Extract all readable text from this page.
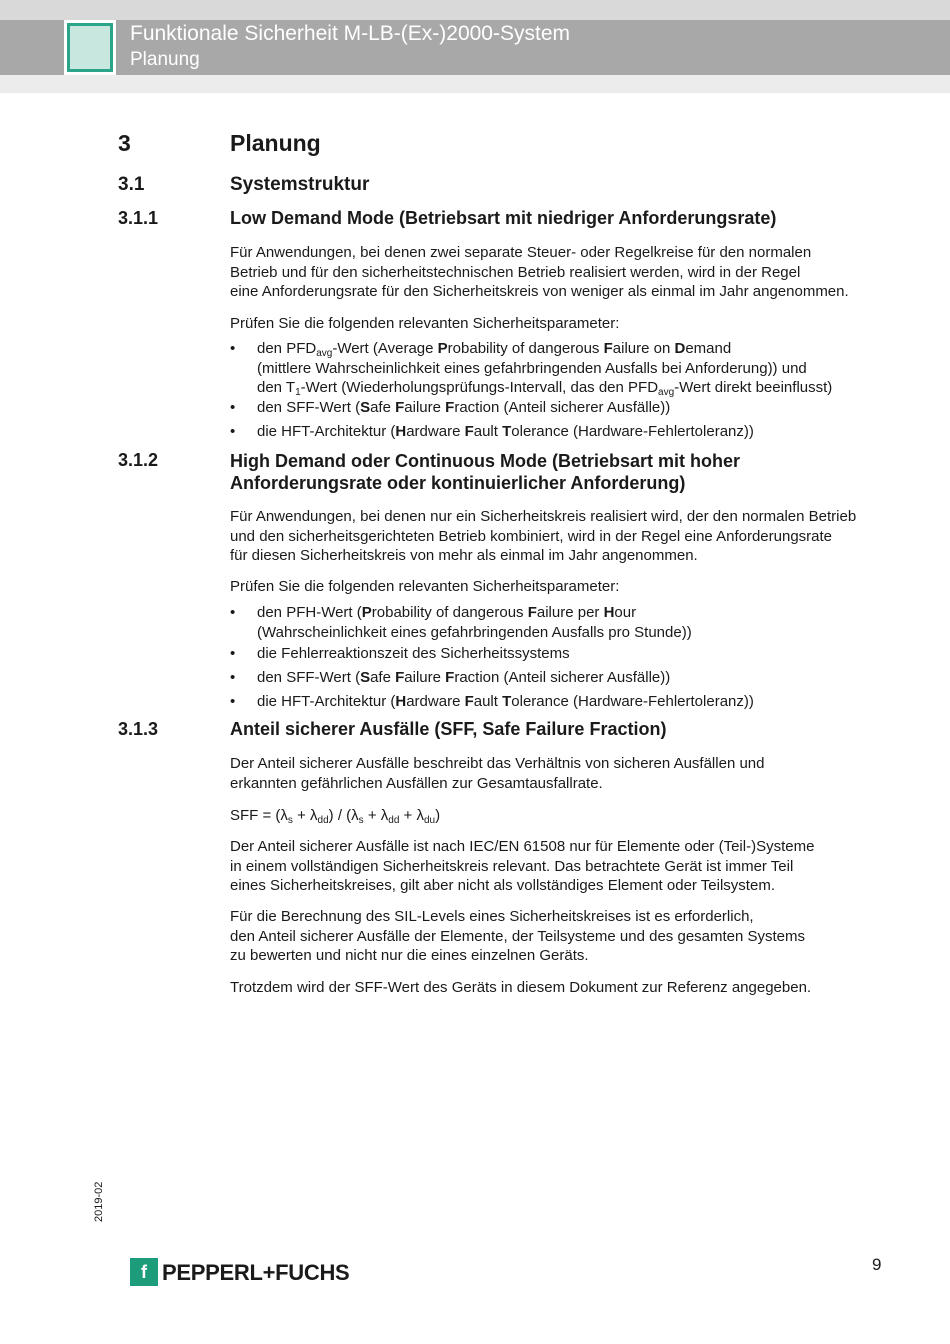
Funktionale Sicherheit M-LB-(Ex-)2000-System
Planung
3	Planung
3.1	Systemstruktur
3.1.1	Low Demand Mode (Betriebsart mit niedriger Anforderungsrate)
Für Anwendungen, bei denen zwei separate Steuer- oder Regelkreise für den normalen
Betrieb und für den sicherheitstechnischen Betrieb realisiert werden, wird in der Regel
eine Anforderungsrate für den Sicherheitskreis von weniger als einmal im Jahr angenommen.
Prüfen Sie die folgenden relevanten Sicherheitsparameter:
• den $PFD_{avg}$-Wert (Average Probability of dangerous Failure on Demand
(mittlere Wahrscheinlichkeit eines gefahrbringenden Ausfalls bei Anforderung)) und
den $T_1$-Wert (Wiederholungsprüfungs-Intervall, das den $PFD_{avg}$-Wert direkt beeinflusst)
• den SFF-Wert (Safe Failure Fraction (Anteil sicherer Ausfälle))
• die HFT-Architektur (Hardware Fault Tolerance (Hardware-Fehlertoleranz))
3.1.2	High Demand oder Continuous Mode (Betriebsart mit hoher
Anforderungsrate oder kontinuierlicher Anforderung)
Für Anwendungen, bei denen nur ein Sicherheitskreis realisiert wird, der den normalen Betrieb
und den sicherheitsgerichteten Betrieb kombiniert, wird in der Regel eine Anforderungsrate
für diesen Sicherheitskreis von mehr als einmal im Jahr angenommen.
Prüfen Sie die folgenden relevanten Sicherheitsparameter:
• den PFH-Wert (Probability of dangerous Failure per Hour
(Wahrscheinlichkeit eines gefahrbringenden Ausfalls pro Stunde))
• die Fehlerreaktionszeit des Sicherheitssystems
• den SFF-Wert (Safe Failure Fraction (Anteil sicherer Ausfälle))
• die HFT-Architektur (Hardware Fault Tolerance (Hardware-Fehlertoleranz))
3.1.3	Anteil sicherer Ausfälle (SFF, Safe Failure Fraction)
Der Anteil sicherer Ausfälle beschreibt das Verhältnis von sicheren Ausfällen und
erkannten gefährlichen Ausfällen zur Gesamtausfallrate.
SFF = $(\lambda_s + \lambda_{dd}) / (\lambda_s + \lambda_{dd} + \lambda_{du})$
Der Anteil sicherer Ausfälle ist nach IEC/EN 61508 nur für Elemente oder (Teil-)Systeme
in einem vollständigen Sicherheitskreis relevant. Das betrachtete Gerät ist immer Teil
eines Sicherheitskreises, gilt aber nicht als vollständiges Element oder Teilsystem.
Für die Berechnung des SIL-Levels eines Sicherheitskreises ist es erforderlich,
den Anteil sicherer Ausfälle der Elemente, der Teilsysteme und des gesamten Systems
zu bewerten und nicht nur die eines einzelnen Geräts.
Trotzdem wird der SFF-Wert des Geräts in diesem Dokument zur Referenz angegeben.
2019-02
f PEPPERL+FUCHS	9
